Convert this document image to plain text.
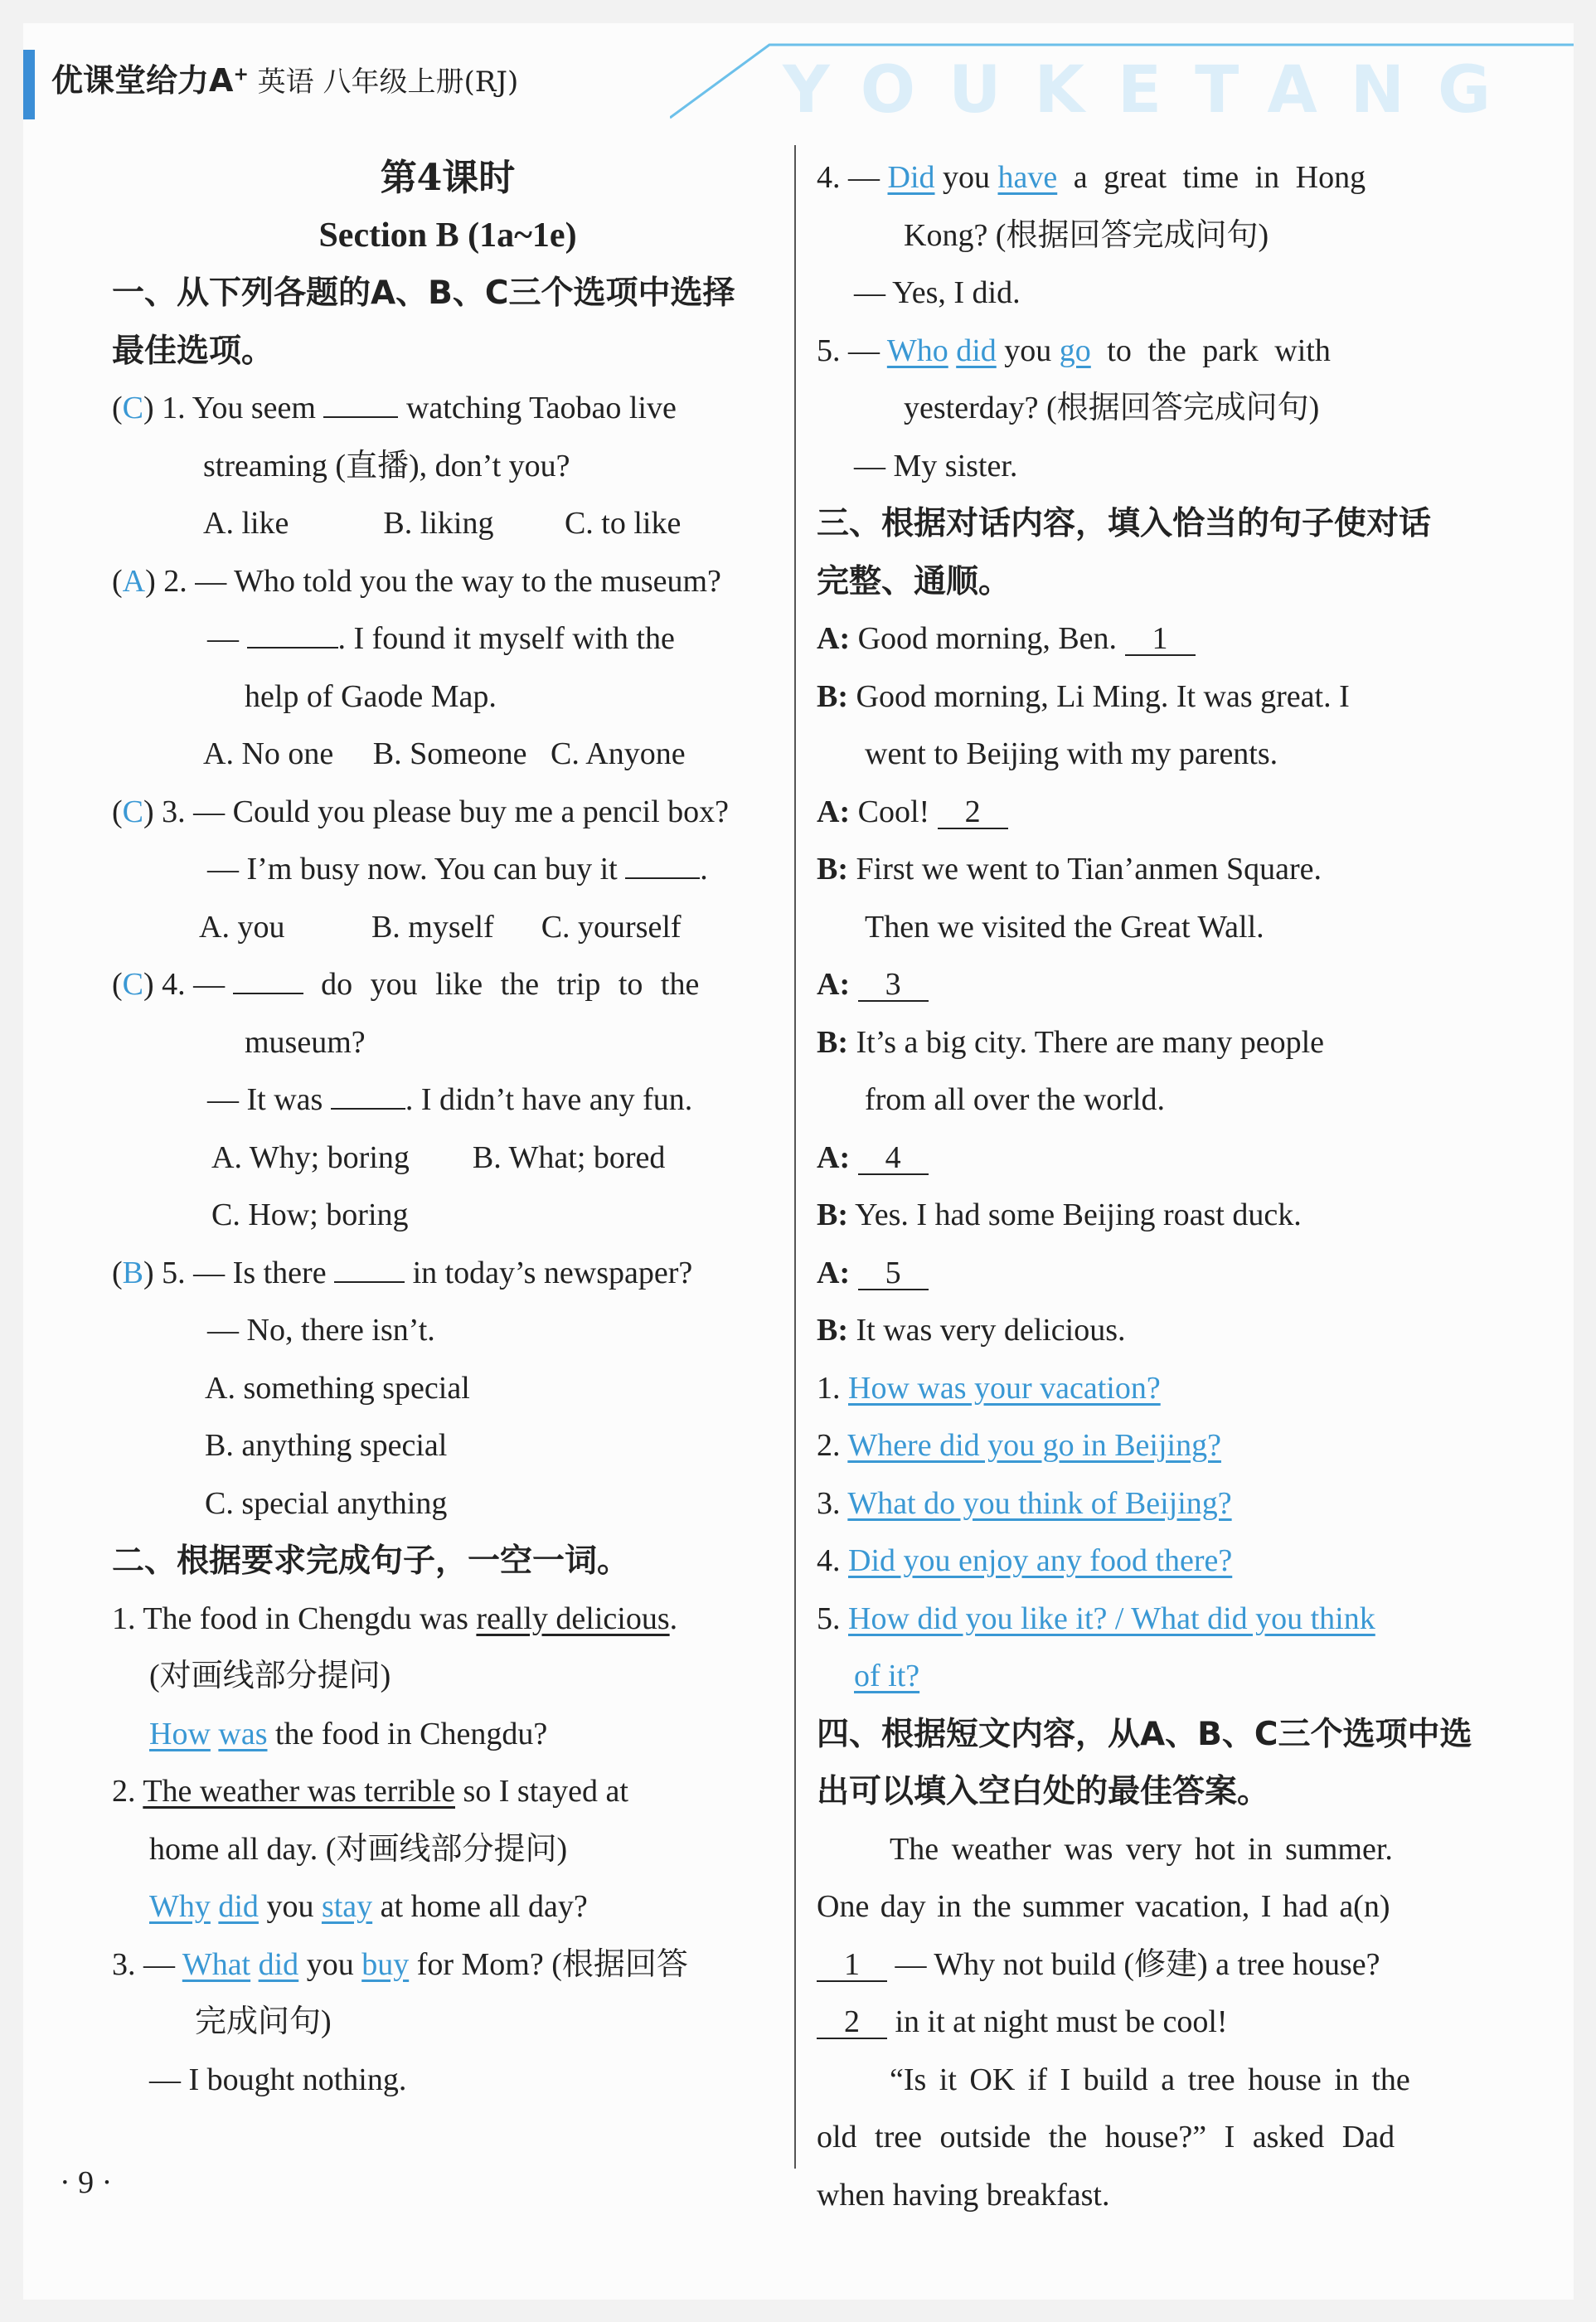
优课堂给力A+ 英语 八年级上册(RJ)	YOUKETANG
第4课时
Section B (1a~1e)
一、从下列各题的A、B、C三个选项中选择
最佳选项。
(C) 1. You seem  watching Taobao live
streaming (直播), don’t you?
A. like            B. liking         C. to like
(A) 2. — Who told you the way to the museum?
—	. I found it myself with the
help of Gaode Map.
A. No one     B. Someone   C. Anyone
(C) 3. — Could you please buy me a pencil box?
— I’m busy now. You can buy it .
A. you           B. myself      C. yourself
(C) 4. —  do you like the trip to the
museum?
— It was . I didn’t have any fun.
A. Why; boring        B. What; bored
C. How; boring
(B) 5. — Is there  in today’s newspaper?
— No, there isn’t.
A. something special
B. anything special
C. special anything
二、根据要求完成句子，一空一词。
1. The food in Chengdu was really delicious.
(对画线部分提问)
How was the food in Chengdu?
2. The weather was terrible so I stayed at
home all day. (对画线部分提问)
Why did you stay at home all day?
3. — What did you buy for Mom? (根据回答
完成问句)
— I bought nothing.
4. — Did you have a great time in Hong
Kong? (根据回答完成问句)
— Yes, I did.
5. — Who did you go to the park with
yesterday? (根据回答完成问句)
— My sister.
三、根据对话内容，填入恰当的句子使对话
完整、通顺。
A: Good morning, Ben. 1
B: Good morning, Li Ming. It was great. I
went to Beijing with my parents.
A: Cool! 2
B: First we went to Tian’anmen Square.
Then we visited the Great Wall.
A: 3
B: It’s a big city. There are many people
from all over the world.
A: 4
B: Yes. I had some Beijing roast duck.
A: 5
B: It was very delicious.
1. How was your vacation?
2. Where did you go in Beijing?
3. What do you think of Beijing?
4. Did you enjoy any food there?
5. How did you like it? / What did you think
of it?
四、根据短文内容，从A、B、C三个选项中选
出可以填入空白处的最佳答案。
The weather was very hot in summer.
One day in the summer vacation, I had a(n)
1 — Why not build (修建) a tree house?
2 in it at night must be cool!
“Is it OK if I build a tree house in the
old tree outside the house?” I asked Dad
when having breakfast.
· 9 ·
